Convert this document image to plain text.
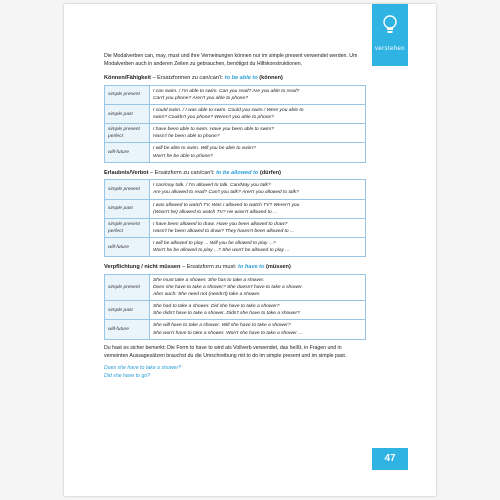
verstehen
47

Die Modalverben can, may, must und ihre Verneinungen können nur im simple present verwendet werden. Um Modalverben auch in anderen Zeiten zu gebrauchen, benötigst du Hilfskonstruktionen.

Können/Fähigkeit – Ersatzformen zu can/can't: to be able to (können)
simple present	I can swim. / I'm able to swim. Can you read? Are you able to read?
Can't you phone? Aren't you able to phone?

simple past	I could swim. / I was able to swim. Could you swim / Were you able to
swim? Couldn't you phone? Weren't you able to phone?

simple present perfect	I have been able to swim. Have you been able to swim?
Hasn't he been able to phone?

will-future	I will be able to swim. Will you be able to swim?
Won't he be able to phone?
Erlaubnis/Verbot – Ersatzform zu can/can't: to be allowed to (dürfen)
simple present	I can/may talk. / I'm allowed to talk. Can/May you talk?
Are you allowed to read? Can't you talk? Aren't you allowed to talk?

simple past	I was allowed to watch TV. Was I allowed to watch TV? Weren't you
(Wasn't he) allowed to watch TV? He wasn't allowed to ...

simple present perfect	I have been allowed to draw. Have you been allowed to draw?
Hasn't he been allowed to draw? They haven't been allowed to ...

will-future	I will be allowed to play ... Will you be allowed to play ...?
Won't he be allowed to play ...? She won't be allowed to play ...
Verpflichtung / nicht müssen – Ersatzform zu must: to have to (müssen)
simple present	She must take a shower. She has to take a shower.
Does she have to take a shower? She doesn't have to take a shower.
Aber auch: She need not (needn't) take a shower.

simple past	She had to take a shower. Did she have to take a shower?
She didn't have to take a shower. Didn't she have to take a shower?

will-future	She will have to take a shower. Will she have to take a shower?
She won't have to take a shower. Won't she have to take a shower ...

Du hast es sicher bemerkt: Die Form to have to wird als Vollverb verwendet, das heißt, in Fragen und in verneinten Aussagesätzen brauchst du die Umschreibung mit to do im simple present und im simple past.

Does she have to take a shower?
Did she have to go?
